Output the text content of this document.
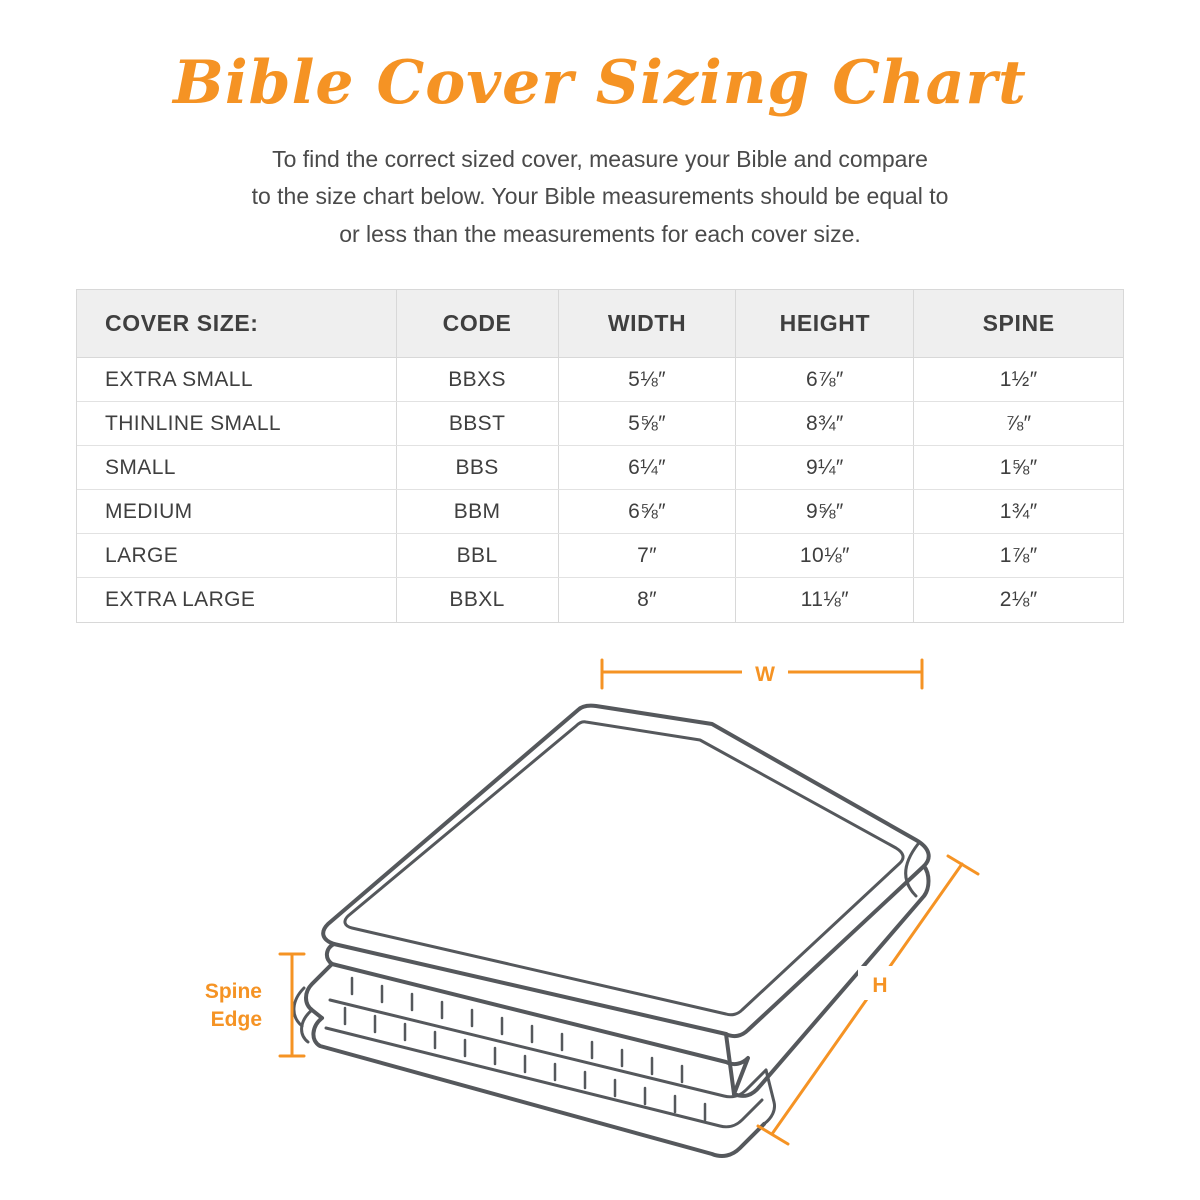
Bible Cover Sizing Chart
To find the correct sized cover, measure your Bible and compare
to the size chart below. Your Bible measurements should be equal to
or less than the measurements for each cover size.
COVER SIZE:	CODE	WIDTH	HEIGHT	SPINE
EXTRA SMALL	BBXS	5⅛″	6⅞″	1½″
THINLINE SMALL	BBST	5⅝″	8¾″	⅞″
SMALL	BBS	6¼″	9¼″	1⅝″
MEDIUM	BBM	6⅝″	9⅝″	1¾″
LARGE	BBL	7″	10⅛″	1⅞″
EXTRA LARGE	BBXL	8″	11⅛″	2⅛″
W
H
Spine
Edge
